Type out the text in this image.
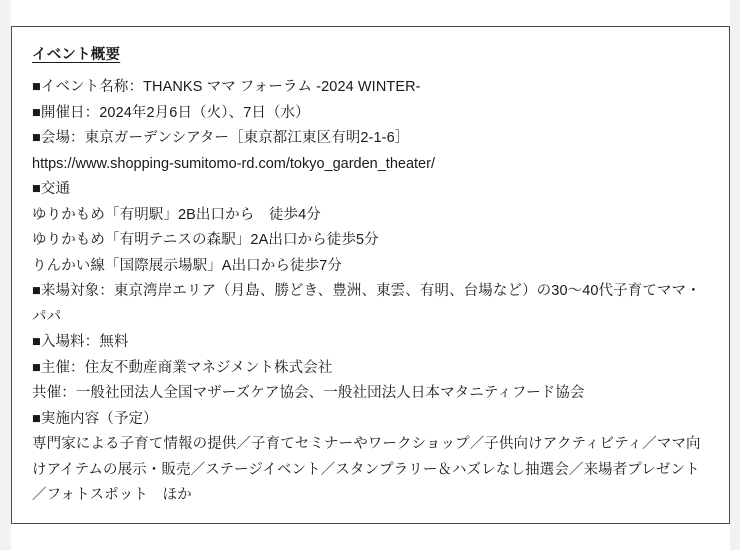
イベント概要

■イベント名称：THANKS ママ フォーラム -2024 WINTER-

■開催日：2024年2月6日（火）、7日（水）

■会場：東京ガーデンシアター［東京都江東区有明2-1-6］

https://www.shopping-sumitomo-rd.com/tokyo_garden_theater/

■交通

ゆりかもめ「有明駅」2B出口から　徒歩4分

ゆりかもめ「有明テニスの森駅」2A出口から徒歩5分

りんかい線「国際展示場駅」A出口から徒歩7分

■来場対象：東京湾岸エリア（月島、勝どき、豊洲、東雲、有明、台場など）の30〜40代子育てママ・パパ

■入場料：無料

■主催：住友不動産商業マネジメント株式会社

共催：一般社団法人全国マザーズケア協会、一般社団法人日本マタニティフード協会

■実施内容（予定）

専門家による子育て情報の提供／子育てセミナーやワークショップ／子供向けアクティビティ／ママ向けアイテムの展示・販売／ステージイベント／スタンプラリー＆ハズレなし抽選会／来場者プレゼント／フォトスポット　ほか
